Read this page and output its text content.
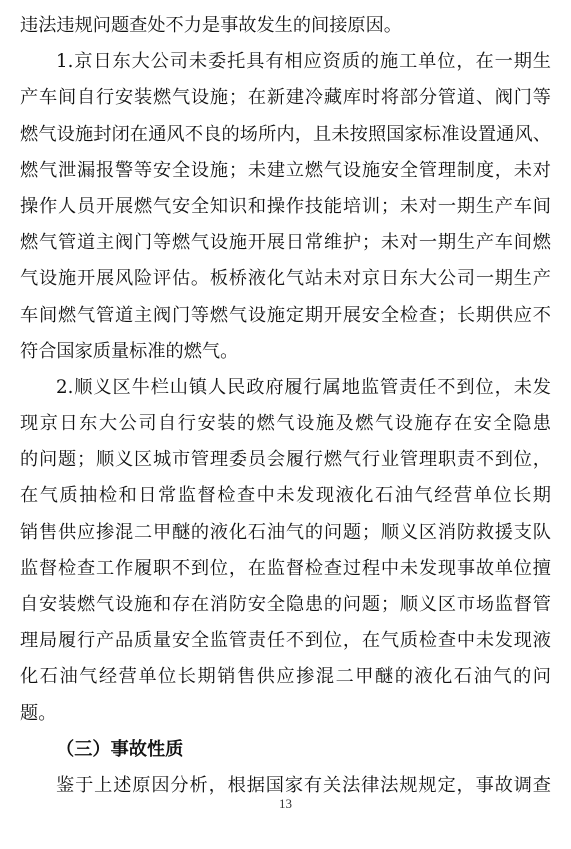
违法违规问题查处不力是事故发生的间接原因。
1.京日东大公司未委托具有相应资质的施工单位，在一期生
产车间自行安装燃气设施；在新建冷藏库时将部分管道、阀门等
燃气设施封闭在通风不良的场所内，且未按照国家标准设置通风、
燃气泄漏报警等安全设施；未建立燃气设施安全管理制度，未对
操作人员开展燃气安全知识和操作技能培训；未对一期生产车间
燃气管道主阀门等燃气设施开展日常维护；未对一期生产车间燃
气设施开展风险评估。板桥液化气站未对京日东大公司一期生产
车间燃气管道主阀门等燃气设施定期开展安全检查；长期供应不
符合国家质量标准的燃气。
2.顺义区牛栏山镇人民政府履行属地监管责任不到位，未发
现京日东大公司自行安装的燃气设施及燃气设施存在安全隐患
的问题；顺义区城市管理委员会履行燃气行业管理职责不到位，
在气质抽检和日常监督检查中未发现液化石油气经营单位长期
销售供应掺混二甲醚的液化石油气的问题；顺义区消防救援支队
监督检查工作履职不到位，在监督检查过程中未发现事故单位擅
自安装燃气设施和存在消防安全隐患的问题；顺义区市场监督管
理局履行产品质量安全监管责任不到位，在气质检查中未发现液
化石油气经营单位长期销售供应掺混二甲醚的液化石油气的问
题。
（三）事故性质
鉴于上述原因分析，根据国家有关法律法规规定，事故调查
13
